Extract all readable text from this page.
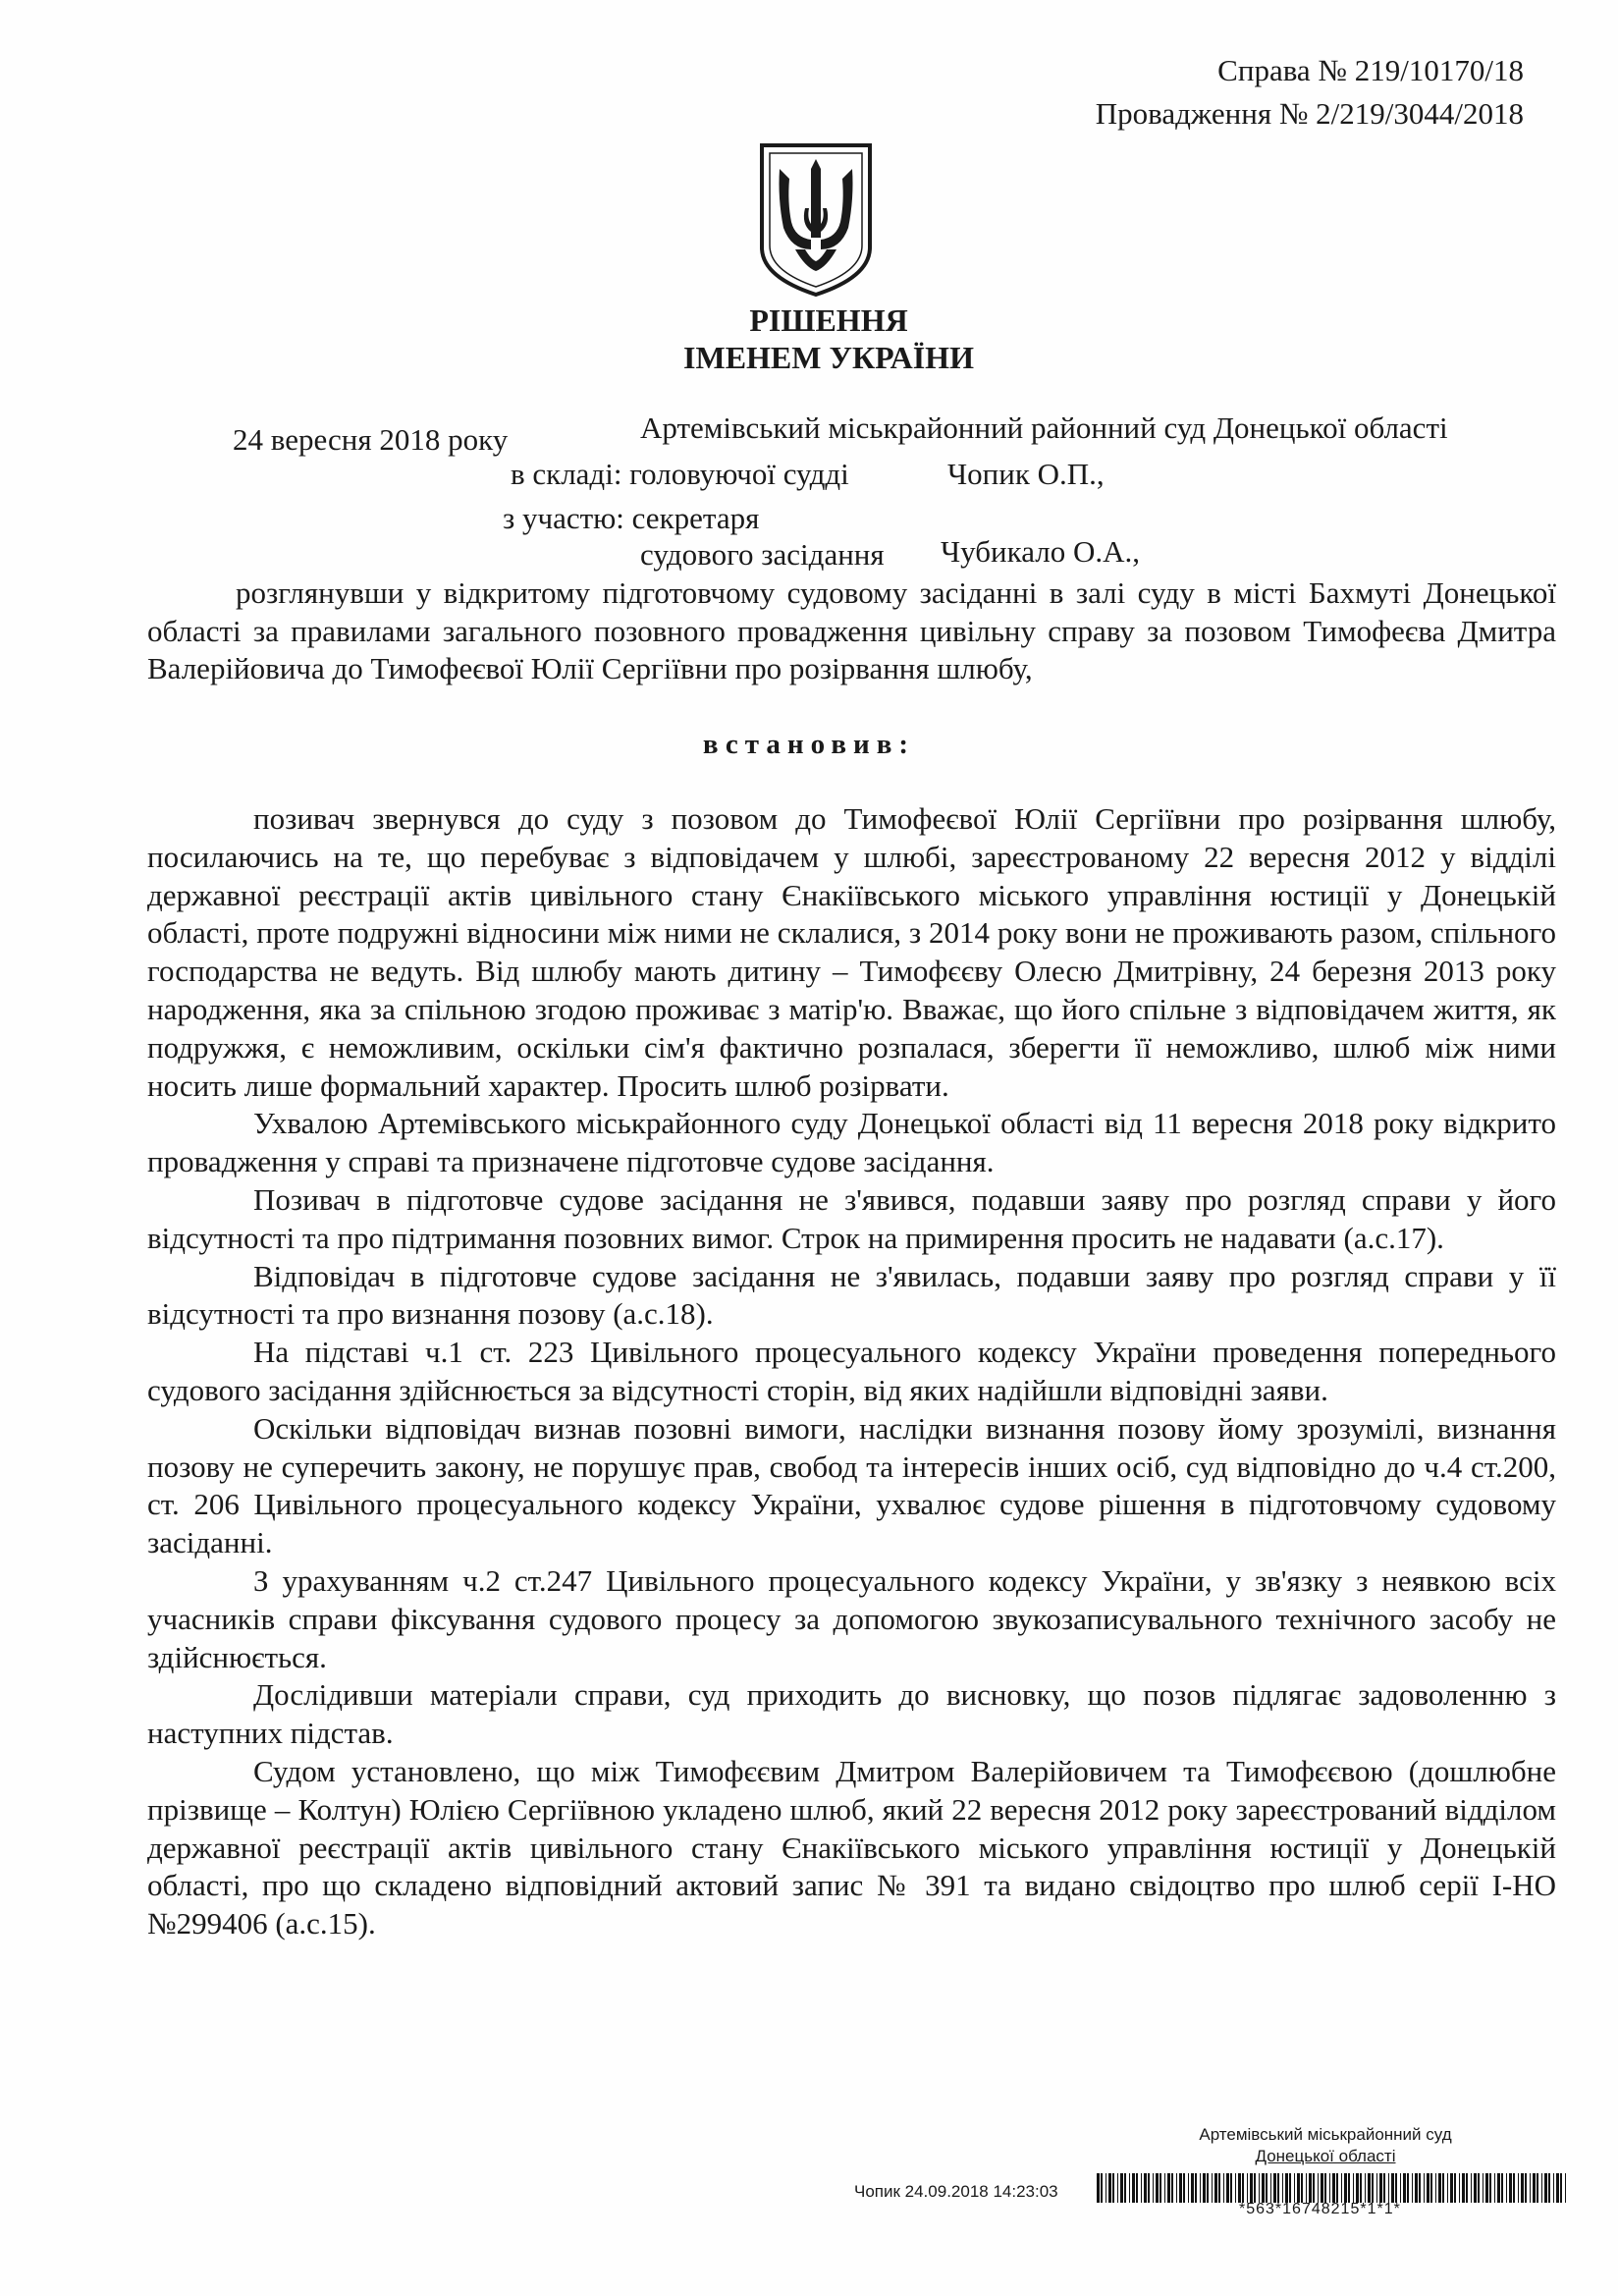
Справа № 219/10170/18
Провадження № 2/219/3044/2018
РІШЕННЯ
ІМЕНЕМ УКРАЇНИ
24 вересня 2018 року	Артемівський міськрайонний районний суд Донецької області
в складі: головуючої судді	Чопик О.П.,
з участю: секретаря
судового засідання Чубикало О.А.,
розглянувши у відкритому підготовчому судовому засіданні в залі суду в місті Бахмуті Донецької області за правилами загального позовного провадження цивільну справу за позовом Тимофеєва Дмитра Валерійовича до Тимофеєвої Юлії Сергіївни про розірвання шлюбу,
встановив:

позивач звернувся до суду з позовом до Тимофеєвої Юлії Сергіївни про розірвання шлюбу, посилаючись на те, що перебуває з відповідачем у шлюбі, зареєстрованому 22 вересня 2012 у відділі державної реєстрації актів цивільного стану Єнакіївського міського управління юстиції у Донецькій області, проте подружні відносини між ними не склалися, з 2014 року вони не проживають разом, спільного господарства не ведуть. Від шлюбу мають дитину – Тимофєєву Олесю Дмитрівну, 24 березня 2013 року народження, яка за спільною згодою проживає з матір'ю. Вважає, що його спільне з відповідачем життя, як подружжя, є неможливим, оскільки сім'я фактично розпалася, зберегти її неможливо, шлюб між ними носить лише формальний характер. Просить шлюб розірвати.

Ухвалою Артемівського міськрайонного суду Донецької області від 11 вересня 2018 року відкрито провадження у справі та призначене підготовче судове засідання.

Позивач в підготовче судове засідання не з'явився, подавши заяву про розгляд справи у його відсутності та про підтримання позовних вимог. Строк на примирення просить не надавати (а.с.17).

Відповідач в підготовче судове засідання не з'явилась, подавши заяву про розгляд справи у її відсутності та про визнання позову (а.с.18).

На підставі ч.1 ст. 223 Цивільного процесуального кодексу України проведення попереднього судового засідання здійснюється за відсутності сторін, від яких надійшли відповідні заяви.

Оскільки відповідач визнав позовні вимоги, наслідки визнання позову йому зрозумілі, визнання позову не суперечить закону, не порушує прав, свобод та інтересів інших осіб, суд відповідно до ч.4 ст.200, ст. 206 Цивільного процесуального кодексу України, ухвалює судове рішення в підготовчому судовому засіданні.

З урахуванням ч.2 ст.247 Цивільного процесуального кодексу України, у зв'язку з неявкою всіх учасників справи фіксування судового процесу за допомогою звукозаписувального технічного засобу не здійснюється.

Дослідивши матеріали справи, суд приходить до висновку, що позов підлягає задоволенню з наступних підстав.

Судом установлено, що між Тимофєєвим Дмитром Валерійовичем та Тимофєєвою (дошлюбне прізвище – Колтун) Юлією Сергіївною укладено шлюб, який 22 вересня 2012 року зареєстрований відділом державної реєстрації актів цивільного стану Єнакіївського міського управління юстиції у Донецькій області, про що складено відповідний актовий запис № 391 та видано свідоцтво про шлюб серії І-НО №299406 (а.с.15).

Артемівський міськрайонний суд
Донецької області
Чопик 24.09.2018 14:23:03
*563*16748215*1*1*
